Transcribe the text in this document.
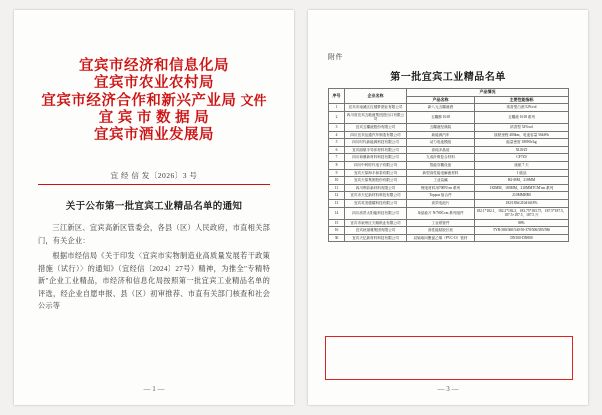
宜宾市经济和信息化局
宜宾市农业农村局
宜宾市经济合作和新兴产业局 文件
宜 宾 市 数 据 局
宜宾市酒业发展局
宜 经 信 发〔2026〕3 号
关于公布第一批宜宾工业精品名单的通知

三江新区、宜宾高新区管委会，各县（区）人民政府，市直相关部门，有关企业：

根据市经信局《关于印发〈宜宾市实物制造业高质量发展若干政策措施（试行）〉的通知》（宜经信〔2024〕27号）精神，为推全"专精特新"企业工业精品，市经济和信息化局按照第一批宜宾工业精品名单的评选，经企业自愿申报、县（区）初审推荐、市直有关部门核查和社会公示等

— 1 —
附件
第一批宜宾工业精品名单
序号	企业名称	产品情况	
		产品名称	主要性能指标
1	宜宾市南溪区红楼梦酒业有限公司	新八元五糧液酒	浓香型白酒 52%vol
2	四川省宜宾五粮液集团进出口有限公司	五糧醇 1618	五糧液 1618 系列
3	宜宾五糧液股份有限公司	五糧液经典装	浓香型 52%vol
4	四川宜宾运通汽车制造有限公司	新能源汽车	续驶里程 400km，电池容量 56kWh
5	四川时代新能源科技有限公司	动力电池模组	能量密度 180Wh/kg
6	宜宾丽豪半导体材料有限公司	高纯多晶硅	XLB/ZJ
7	四川和鼎新材料科技有限公司	九成纤维复合材料	CF7Z0
8	四川中科时代电子有限公司	智能穿戴设备	续航 7 天
9	宜宾天原海丰和泰有限公司	新型高性能电解液材料	1 级品
10	宜宾天原集团股份有限公司	工业烧碱	H2-MM，218MM
11	四川利彩新材料有限公司	锂电材料用700N'cm 系列	182MM，183MM，210MMTCM'cm 系列
12	宜宾市天亿新材料科技有限公司	Toppoa 组合件	210MMHR0
13	宜宾英发德耀科技有限公司	高效电池片	182/183#/210#1#18%
14	四川高景太阳能科技有限公司	单晶硅片 N/700Ccm 系列组件	182.1*182.1，182.2*182.2，183.75*183.75，187.5*187.5，187.5×187.5，187.5 片
15	宜宾市叙州区天顺纸业有限公司	工业纸管件	88%
16	宜宾丝丽雅集团有限公司	高性能粘胶长丝	TYR-580/360/540-56-378/506/585/586
30	宜宾天亿新材料科技有限公司	双轴取向聚氯乙烯（PVC-O）管材	DN100-DN800
— 3 —
